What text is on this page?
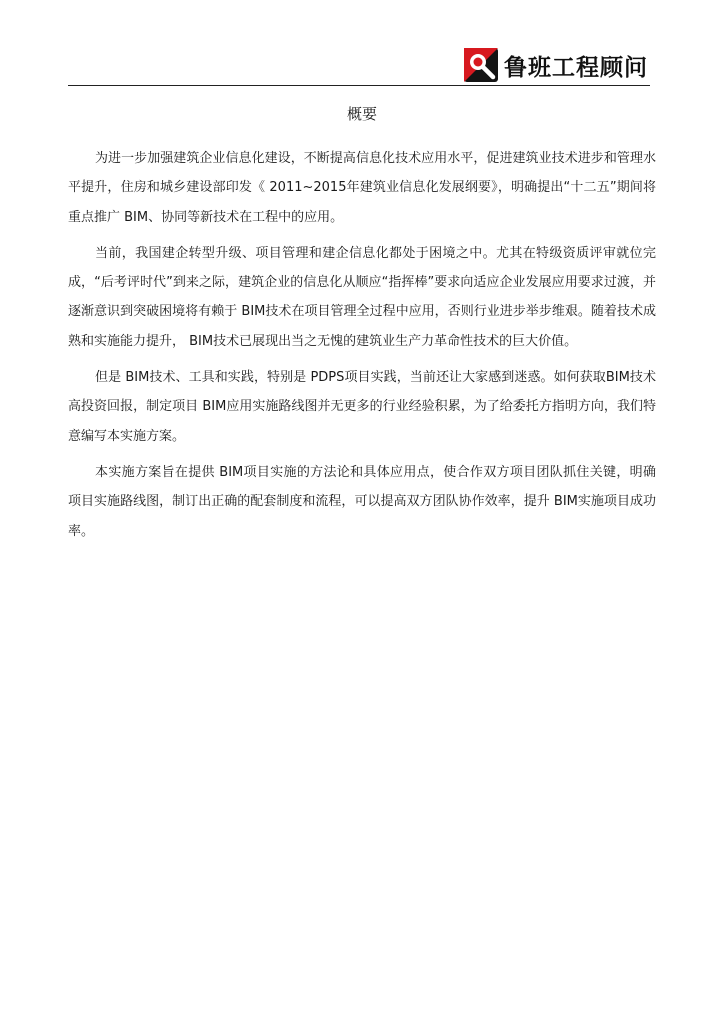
鲁班工程顾问
概要

为进一步加强建筑企业信息化建设，不断提高信息化技术应用水平，促进建筑业技术进步和管理水平提升，住房和城乡建设部印发《 2011~2015年建筑业信息化发展纲要》，明确提出“十二五”期间将重点推广 BIM、协同等新技术在工程中的应用。

当前，我国建企转型升级、项目管理和建企信息化都处于困境之中。尤其在特级资质评审就位完成，“后考评时代”到来之际，建筑企业的信息化从顺应“指挥棒”要求向适应企业发展应用要求过渡，并逐渐意识到突破困境将有赖于 BIM技术在项目管理全过程中应用，否则行业进步举步维艰。随着技术成熟和实施能力提升， BIM技术已展现出当之无愧的建筑业生产力革命性技术的巨大价值。

但是 BIM技术、工具和实践，特别是 PDPS项目实践，当前还让大家感到迷惑。如何获取BIM技术高投资回报，制定项目 BIM应用实施路线图并无更多的行业经验积累，为了给委托方指明方向，我们特意编写本实施方案。

本实施方案旨在提供 BIM项目实施的方法论和具体应用点，使合作双方项目团队抓住关键，明确项目实施路线图，制订出正确的配套制度和流程，可以提高双方团队协作效率，提升 BIM实施项目成功率。
